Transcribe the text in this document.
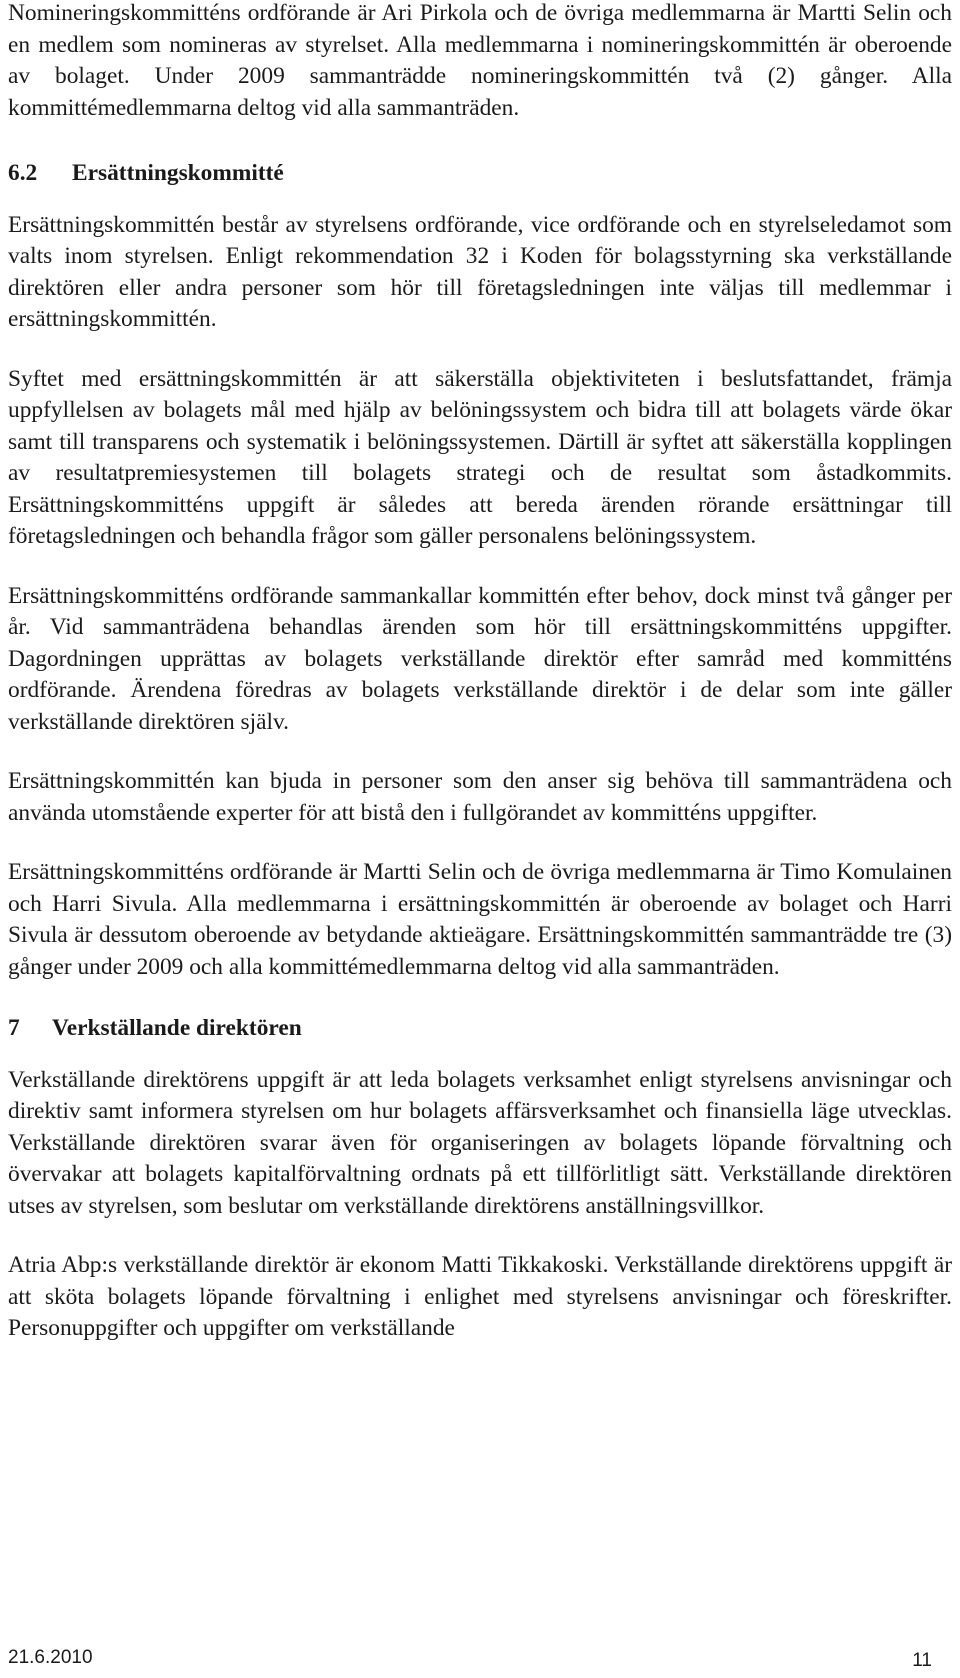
Nomineringskommitténs ordförande är Ari Pirkola och de övriga medlemmarna är Martti Selin och en medlem som nomineras av styrelset. Alla medlemmarna i nomineringskommittén är oberoende av bolaget. Under 2009 sammanträdde nomineringskommittén två (2) gånger. Alla kommittémedlemmarna deltog vid alla sammanträden.

6.2 Ersättningskommitté

Ersättningskommittén består av styrelsens ordförande, vice ordförande och en styrelseledamot som valts inom styrelsen. Enligt rekommendation 32 i Koden för bolagsstyrning ska verkställande direktören eller andra personer som hör till företagsledningen inte väljas till medlemmar i ersättningskommittén.

Syftet med ersättningskommittén är att säkerställa objektiviteten i beslutsfattandet, främja uppfyllelsen av bolagets mål med hjälp av belöningssystem och bidra till att bolagets värde ökar samt till transparens och systematik i belöningssystemen. Därtill är syftet att säkerställa kopplingen av resultatpremiesystemen till bolagets strategi och de resultat som åstadkommits. Ersättningskommitténs uppgift är således att bereda ärenden rörande ersättningar till företagsledningen och behandla frågor som gäller personalens belöningssystem.

Ersättningskommitténs ordförande sammankallar kommittén efter behov, dock minst två gånger per år. Vid sammanträdena behandlas ärenden som hör till ersättningskommitténs uppgifter. Dagordningen upprättas av bolagets verkställande direktör efter samråd med kommitténs ordförande. Ärendena föredras av bolagets verkställande direktör i de delar som inte gäller verkställande direktören själv.

Ersättningskommittén kan bjuda in personer som den anser sig behöva till sammanträdena och använda utomstående experter för att bistå den i fullgörandet av kommitténs uppgifter.

Ersättningskommitténs ordförande är Martti Selin och de övriga medlemmarna är Timo Komulainen och Harri Sivula. Alla medlemmarna i ersättningskommittén är oberoende av bolaget och Harri Sivula är dessutom oberoende av betydande aktieägare. Ersättningskommittén sammanträdde tre (3) gånger under 2009 och alla kommittémedlemmarna deltog vid alla sammanträden.

7 Verkställande direktören

Verkställande direktörens uppgift är att leda bolagets verksamhet enligt styrelsens anvisningar och direktiv samt informera styrelsen om hur bolagets affärsverksamhet och finansiella läge utvecklas. Verkställande direktören svarar även för organiseringen av bolagets löpande förvaltning och övervakar att bolagets kapitalförvaltning ordnats på ett tillförlitligt sätt. Verkställande direktören utses av styrelsen, som beslutar om verkställande direktörens anställningsvillkor.

Atria Abp:s verkställande direktör är ekonom Matti Tikkakoski. Verkställande direktörens uppgift är att sköta bolagets löpande förvaltning i enlighet med styrelsens anvisningar och föreskrifter. Personuppgifter och uppgifter om verkställande

21.6.2010	11
